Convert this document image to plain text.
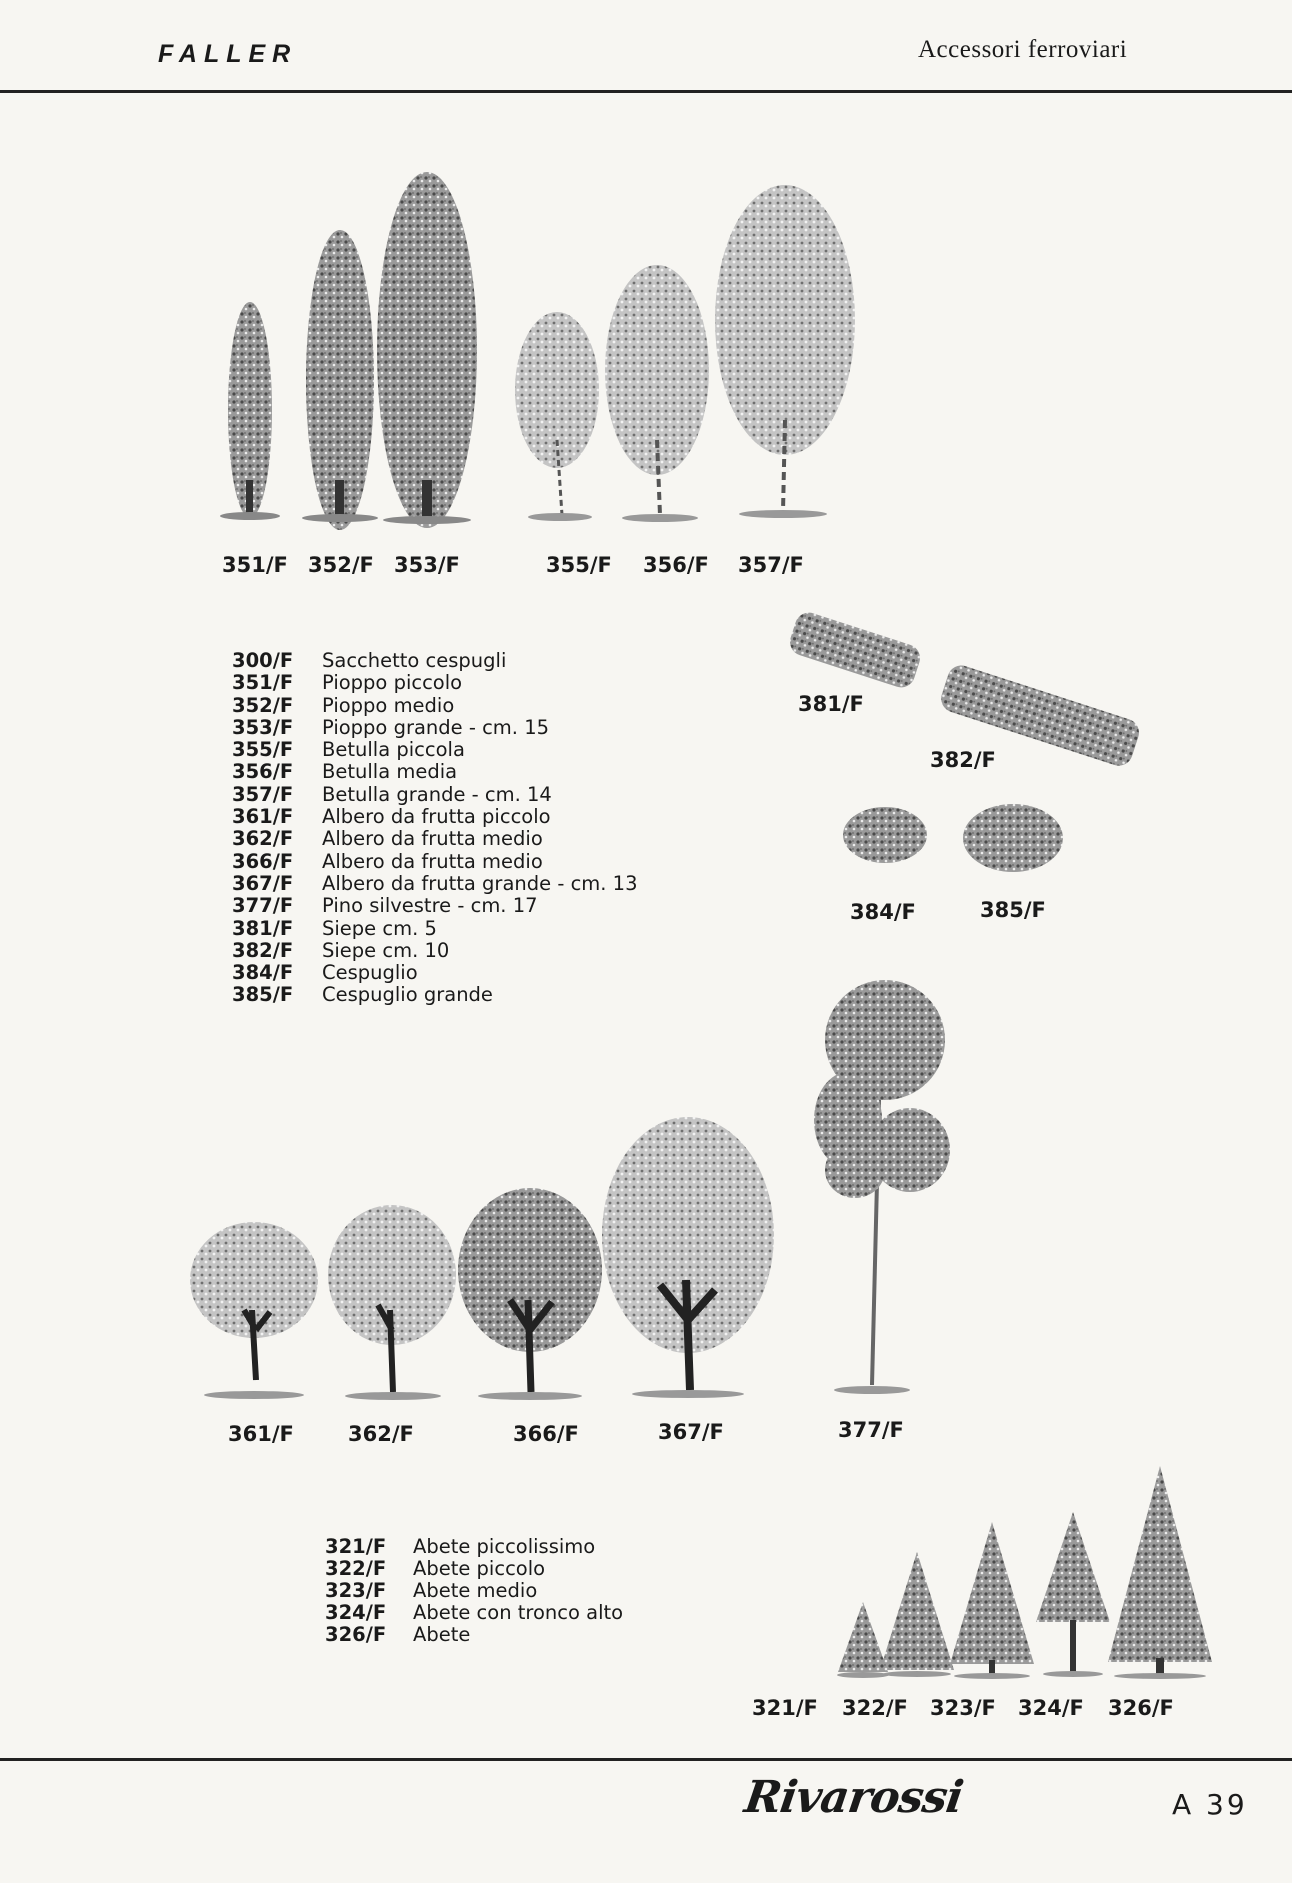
FALLER	Accessori ferroviari
351/F 352/F 353/F	355/F 356/F 357/F
300/F	Sacchetto cespugli
351/F	Pioppo piccolo
352/F	Pioppo medio
353/F	Pioppo grande - cm. 15
355/F	Betulla piccola
356/F	Betulla media
357/F	Betulla grande - cm. 14
361/F	Albero da frutta piccolo
362/F	Albero da frutta medio
366/F	Albero da frutta medio
367/F	Albero da frutta grande - cm. 13
377/F	Pino silvestre - cm. 17
381/F	Siepe cm. 5
382/F	Siepe cm. 10
384/F	Cespuglio
385/F	Cespuglio grande
381/F
382/F
384/F	385/F
361/F	362/F	366/F	367/F	377/F
321/F	Abete piccolissimo
322/F	Abete piccolo
323/F	Abete medio
324/F	Abete con tronco alto
326/F	Abete
321/F 322/F 323/F 324/F 326/F
Rivarossi	A 39
